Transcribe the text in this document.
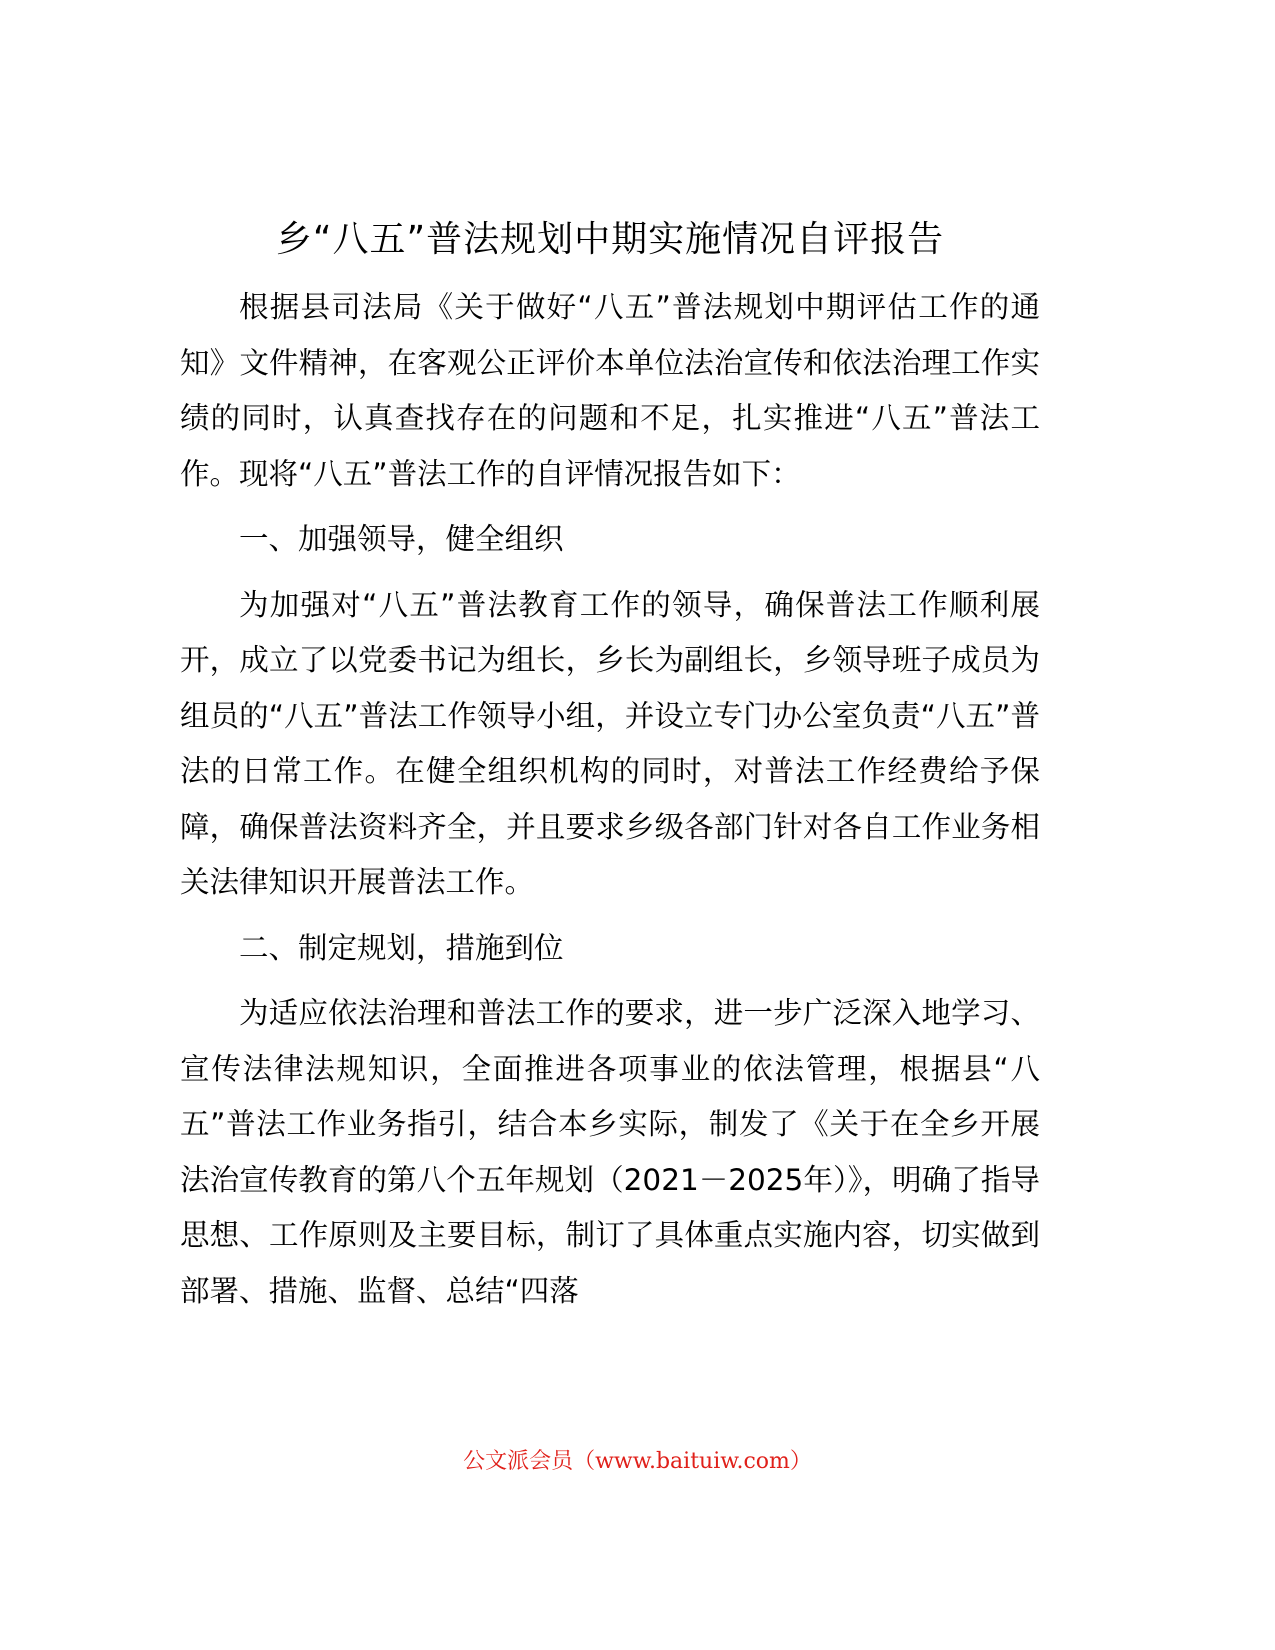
乡“八五”普法规划中期实施情况自评报告

根据县司法局《关于做好“八五”普法规划中期评估工作的通知》文件精神，在客观公正评价本单位法治宣传和依法治理工作实绩的同时，认真查找存在的问题和不足，扎实推进“八五”普法工作。现将“八五”普法工作的自评情况报告如下：

一、加强领导，健全组织

为加强对“八五”普法教育工作的领导，确保普法工作顺利展开，成立了以党委书记为组长，乡长为副组长，乡领导班子成员为组员的“八五”普法工作领导小组，并设立专门办公室负责“八五”普法的日常工作。在健全组织机构的同时，对普法工作经费给予保障，确保普法资料齐全，并且要求乡级各部门针对各自工作业务相关法律知识开展普法工作。

二、制定规划，措施到位

为适应依法治理和普法工作的要求，进一步广泛深入地学习、宣传法律法规知识，全面推进各项事业的依法管理，根据县“八五”普法工作业务指引，结合本乡实际，制发了《关于在全乡开展法治宣传教育的第八个五年规划（2021－2025年）》，明确了指导思想、工作原则及主要目标，制订了具体重点实施内容，切实做到部署、措施、监督、总结“四落

公文派会员（www.baituiw.com）
